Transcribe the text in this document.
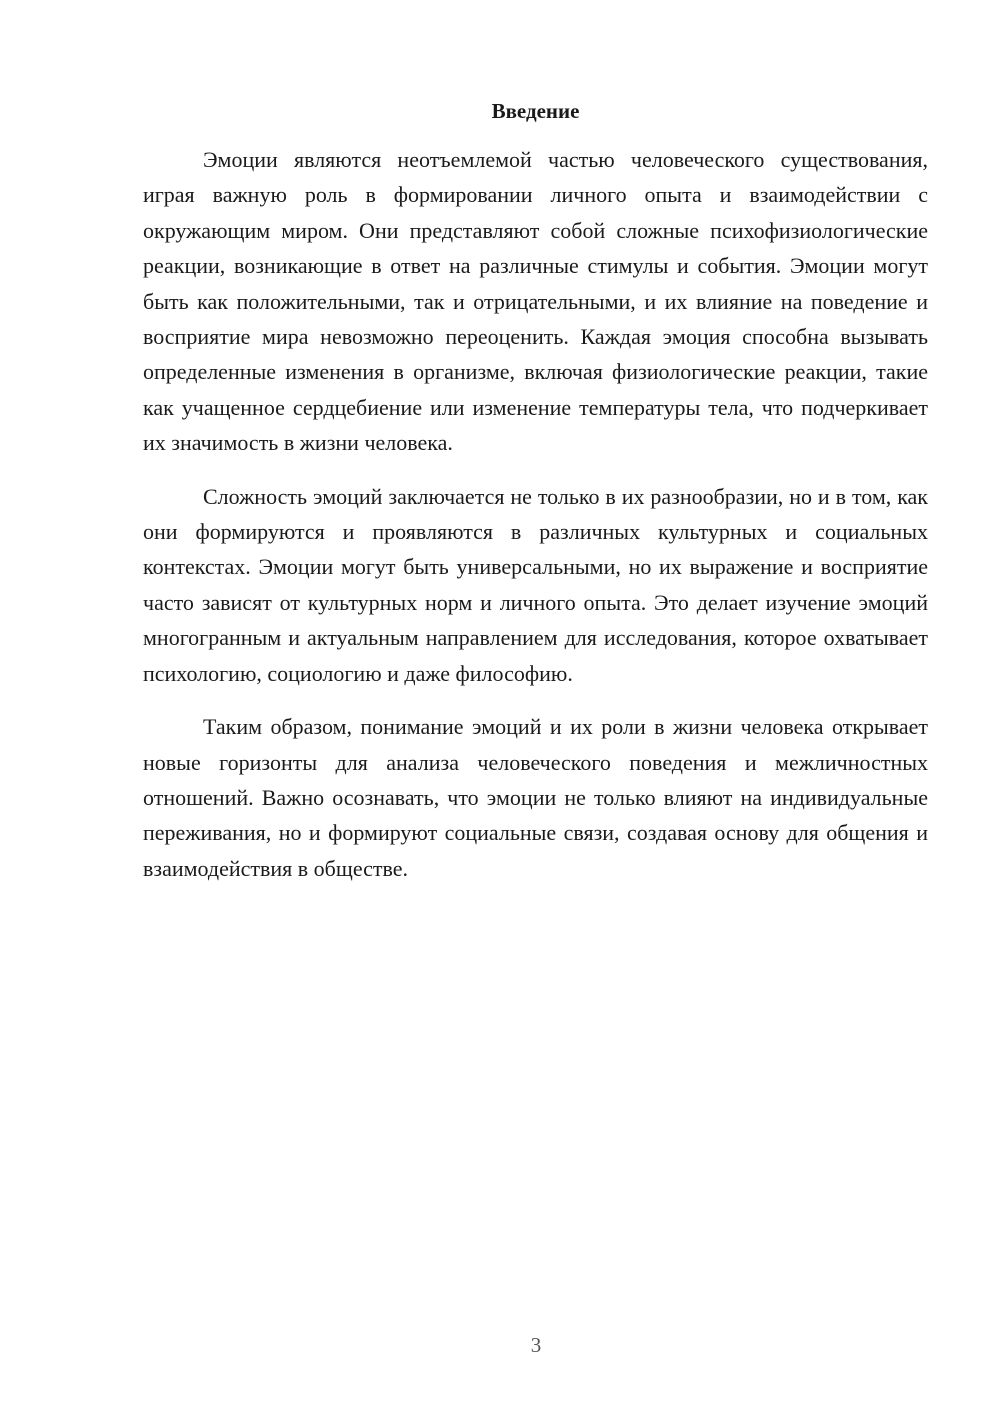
Введение

Эмоции являются неотъемлемой частью человеческого существования, играя важную роль в формировании личного опыта и взаимодействии с окружающим миром. Они представляют собой сложные психофизиологические реакции, возникающие в ответ на различные стимулы и события. Эмоции могут быть как положительными, так и отрицательными, и их влияние на поведение и восприятие мира невозможно переоценить. Каждая эмоция способна вызывать определенные изменения в организме, включая физиологические реакции, такие как учащенное сердцебиение или изменение температуры тела, что подчеркивает их значимость в жизни человека.

Сложность эмоций заключается не только в их разнообразии, но и в том, как они формируются и проявляются в различных культурных и социальных контекстах. Эмоции могут быть универсальными, но их выражение и восприятие часто зависят от культурных норм и личного опыта. Это делает изучение эмоций многогранным и актуальным направлением для исследования, которое охватывает психологию, социологию и даже философию.

Таким образом, понимание эмоций и их роли в жизни человека открывает новые горизонты для анализа человеческого поведения и межличностных отношений. Важно осознавать, что эмоции не только влияют на индивидуальные переживания, но и формируют социальные связи, создавая основу для общения и взаимодействия в обществе.

3
